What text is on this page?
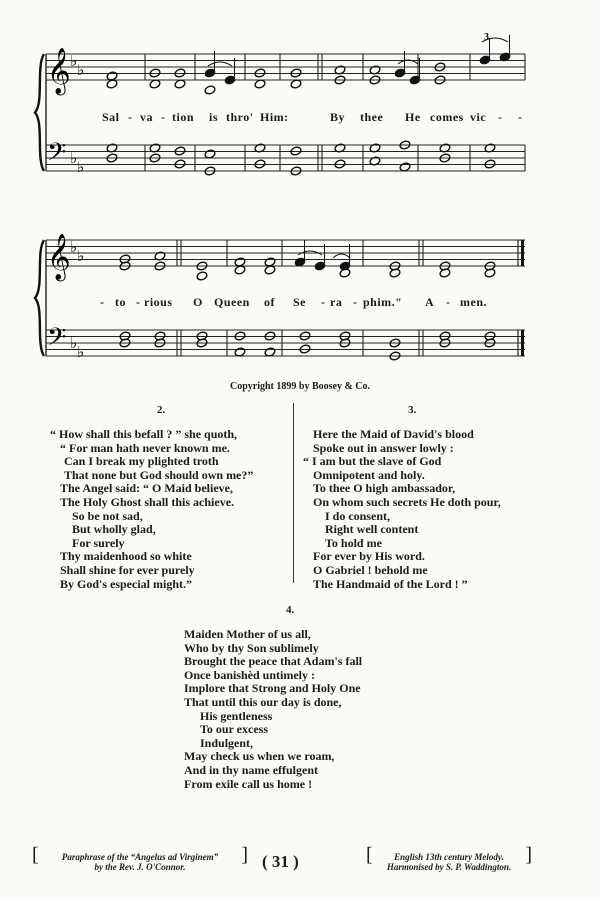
𝄞
𝄢
♭ ♭
♭ ♭
3
𝄞
𝄢
♭ ♭
♭ ♭
Sal - va - tion is thro' Him:	By thee He comes vic - -
- to - rious O Queen of Se - ra - phim." A - men.
Copyright 1899 by Boosey & Co.
2.
“ How shall this befall ? ” she quoth,
“ For man hath never known me.
Can I break my plighted troth
That none but God should own me?”
The Angel said: “ O Maid believe,
The Holy Ghost shall this achieve.
So be not sad,
But wholly glad,
For surely
Thy maidenhood so white
Shall shine for ever purely
By God's especial might.”
3.
Here the Maid of David's blood
Spoke out in answer lowly :
“ I am but the slave of God
Omnipotent and holy.
To thee O high ambassador,
On whom such secrets He doth pour,
I do consent,
Right well content
To hold me
For ever by His word.
O Gabriel ! behold me
The Handmaid of the Lord ! ”
4.
Maiden Mother of us all,
Who by thy Son sublimely
Brought the peace that Adam's fall
Once banishèd untimely :
Implore that Strong and Holy One
That until this our day is done,
His gentleness
To our excess
Indulgent,
May check us when we roam,
And in thy name effulgent
From exile call us home !
[	Paraphrase of the “Angelus ad Virginem”
by the Rev. J. O'Connor.
] ( 31 )	[	English 13th century Melody.
Harmonised by S. P. Waddington.
]
